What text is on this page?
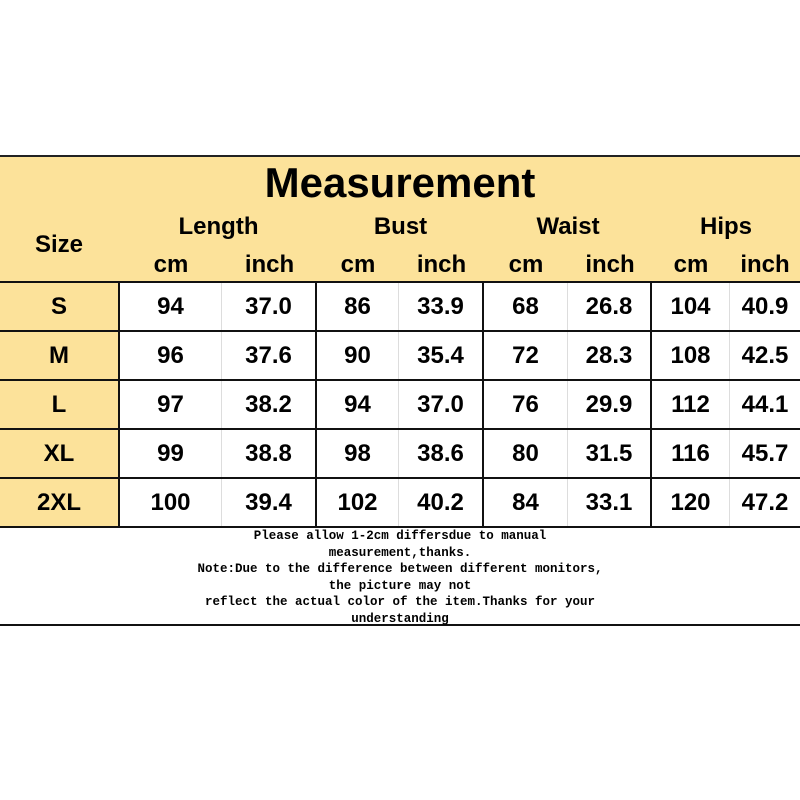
Measurement
Size
Length	Bust	Waist	Hips
cm	inch	cm	inch	cm	inch	cm	inch
S	94	37.0	86	33.9	68	26.8	104	40.9
M	96	37.6	90	35.4	72	28.3	108	42.5
L	97	38.2	94	37.0	76	29.9	112	44.1
XL	99	38.8	98	38.6	80	31.5	116	45.7
2XL	100	39.4	102	40.2	84	33.1	120	47.2
Please allow 1-2cm differsdue to manual
measurement,thanks.
Note:Due to the difference between different monitors,
the picture may not
reflect the actual color of the item.Thanks for your
understanding
